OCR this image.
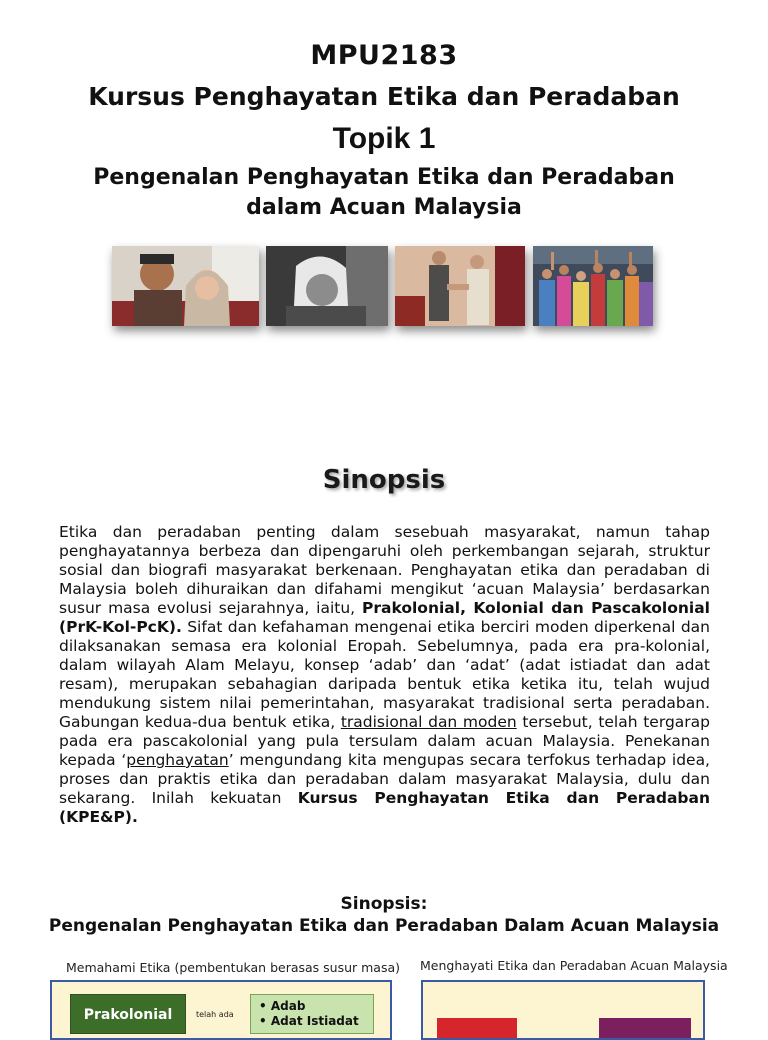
MPU2183
Kursus Penghayatan Etika dan Peradaban
Topik 1
Pengenalan Penghayatan Etika dan Peradaban
dalam Acuan Malaysia
Sinopsis
Etika dan peradaban penting dalam sesebuah masyarakat, namun tahap penghayatannya berbeza dan dipengaruhi oleh perkembangan sejarah, struktur sosial dan biografi masyarakat berkenaan. Penghayatan etika dan peradaban di Malaysia boleh dihuraikan dan difahami mengikut ‘acuan Malaysia’ berdasarkan susur masa evolusi sejarahnya, iaitu, Prakolonial, Kolonial dan Pascakolonial (PrK-Kol-PcK). Sifat dan kefahaman mengenai etika berciri moden diperkenal dan dilaksanakan semasa era kolonial Eropah. Sebelumnya, pada era pra-kolonial, dalam wilayah Alam Melayu, konsep ‘adab’ dan ‘adat’ (adat istiadat dan adat resam), merupakan sebahagian daripada bentuk etika ketika itu, telah wujud mendukung sistem nilai pemerintahan, masyarakat tradisional serta peradaban. Gabungan kedua-dua bentuk etika, tradisional dan moden tersebut, telah tergarap pada era pascakolonial yang pula tersulam dalam acuan Malaysia. Penekanan kepada ‘penghayatan’ mengundang kita mengupas secara terfokus terhadap idea, proses dan praktis etika dan peradaban dalam masyarakat Malaysia, dulu dan sekarang. Inilah kekuatan Kursus Penghayatan Etika dan Peradaban (KPE&P).
Sinopsis:
Pengenalan Penghayatan Etika dan Peradaban Dalam Acuan Malaysia
Memahami Etika (pembentukan berasas susur masa) Menghayati Etika dan Peradaban Acuan Malaysia
Prakolonial	telah ada
• Adab
• Adat Istiadat
